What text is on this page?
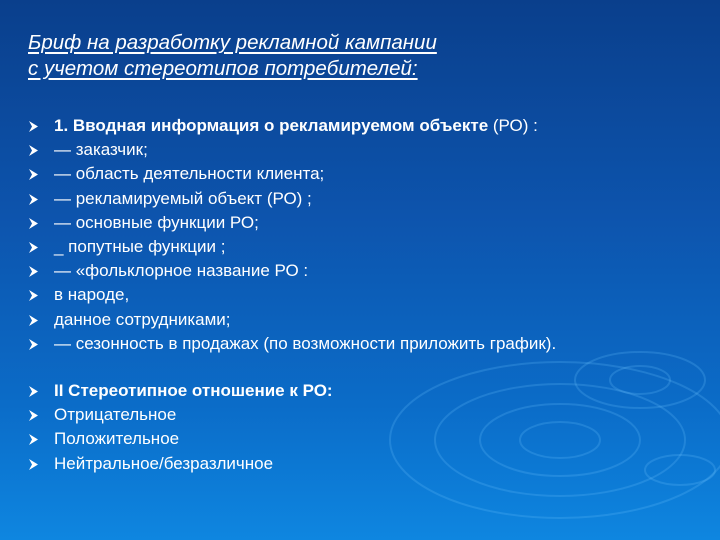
Бриф на разработку рекламной кампании
с учетом стереотипов потребителей:
1. Вводная информация о рекламируемом объекте (РО) :
— заказчик;
— область деятельности клиента;
— рекламируемый объект (РО) ;
— основные функции РО;
_ попутные функции ;
— «фольклорное название РО :
в народе,
данное сотрудниками;
— сезонность в продажах (по возможности приложить график).
II Стереотипное отношение к РО:
Отрицательное
Положительное
Нейтральное/безразличное
